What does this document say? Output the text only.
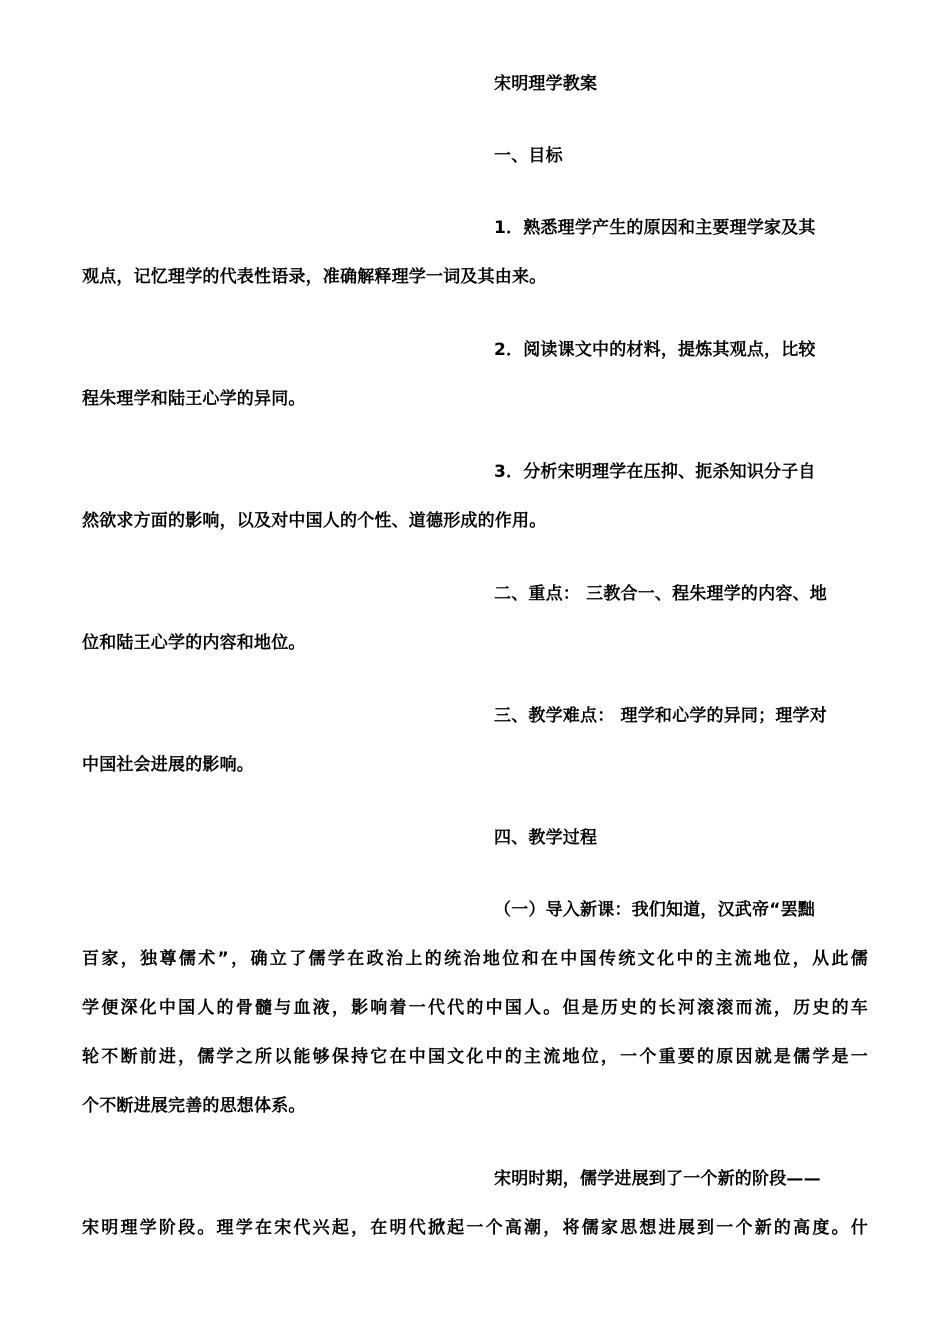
宋明理学教案
一、目标
1．熟悉理学产生的原因和主要理学家及其
观点，记忆理学的代表性语录，准确解释理学一词及其由来。
2．阅读课文中的材料，提炼其观点，比较
程朱理学和陆王心学的异同。
3．分析宋明理学在压抑、扼杀知识分子自
然欲求方面的影响，以及对中国人的个性、道德形成的作用。
二、重点： 三教合一、程朱理学的内容、地
位和陆王心学的内容和地位。
三、教学难点： 理学和心学的异同；理学对
中国社会进展的影响。
四、教学过程
（一）导入新课：我们知道，汉武帝“罢黜
百家，独尊儒术”，确立了儒学在政治上的统治地位和在中国传统文化中的主流地位，从此儒
学便深化中国人的骨髓与血液，影响着一代代的中国人。但是历史的长河滚滚而流，历史的车
轮不断前进，儒学之所以能够保持它在中国文化中的主流地位，一个重要的原因就是儒学是一
个不断进展完善的思想体系。
宋明时期，儒学进展到了一个新的阶段——
宋明理学阶段。理学在宋代兴起，在明代掀起一个高潮，将儒家思想进展到一个新的高度。什
